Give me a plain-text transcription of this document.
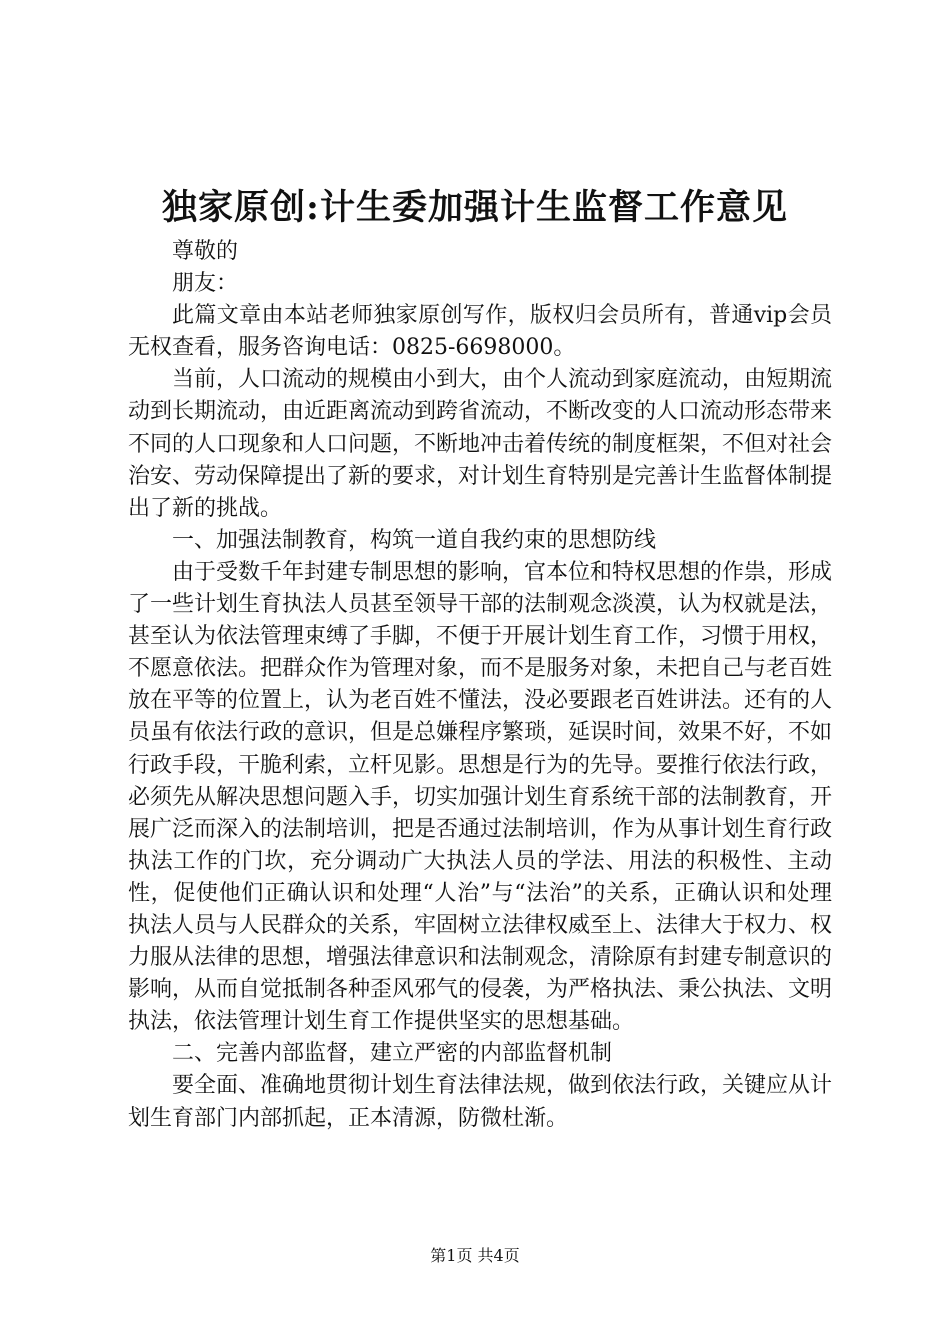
独家原创:计生委加强计生监督工作意见

尊敬的

朋友：

此篇文章由本站老师独家原创写作，版权归会员所有，普通vip会员无权查看，服务咨询电话：0825-6698000。

当前，人口流动的规模由小到大，由个人流动到家庭流动，由短期流动到长期流动，由近距离流动到跨省流动，不断改变的人口流动形态带来不同的人口现象和人口问题，不断地冲击着传统的制度框架，不但对社会治安、劳动保障提出了新的要求，对计划生育特别是完善计生监督体制提出了新的挑战。

一、加强法制教育，构筑一道自我约束的思想防线

由于受数千年封建专制思想的影响，官本位和特权思想的作祟，形成了一些计划生育执法人员甚至领导干部的法制观念淡漠，认为权就是法，甚至认为依法管理束缚了手脚，不便于开展计划生育工作，习惯于用权，不愿意依法。把群众作为管理对象，而不是服务对象，未把自己与老百姓放在平等的位置上，认为老百姓不懂法，没必要跟老百姓讲法。还有的人员虽有依法行政的意识，但是总嫌程序繁琐，延误时间，效果不好，不如行政手段，干脆利索，立杆见影。思想是行为的先导。要推行依法行政，必须先从解决思想问题入手，切实加强计划生育系统干部的法制教育，开展广泛而深入的法制培训，把是否通过法制培训，作为从事计划生育行政执法工作的门坎，充分调动广大执法人员的学法、用法的积极性、主动性，促使他们正确认识和处理“人治”与“法治”的关系，正确认识和处理执法人员与人民群众的关系，牢固树立法律权威至上、法律大于权力、权力服从法律的思想，增强法律意识和法制观念，清除原有封建专制意识的影响，从而自觉抵制各种歪风邪气的侵袭，为严格执法、秉公执法、文明执法，依法管理计划生育工作提供坚实的思想基础。

二、完善内部监督，建立严密的内部监督机制

要全面、准确地贯彻计划生育法律法规，做到依法行政，关键应从计划生育部门内部抓起，正本清源，防微杜渐。

第1页 共4页
